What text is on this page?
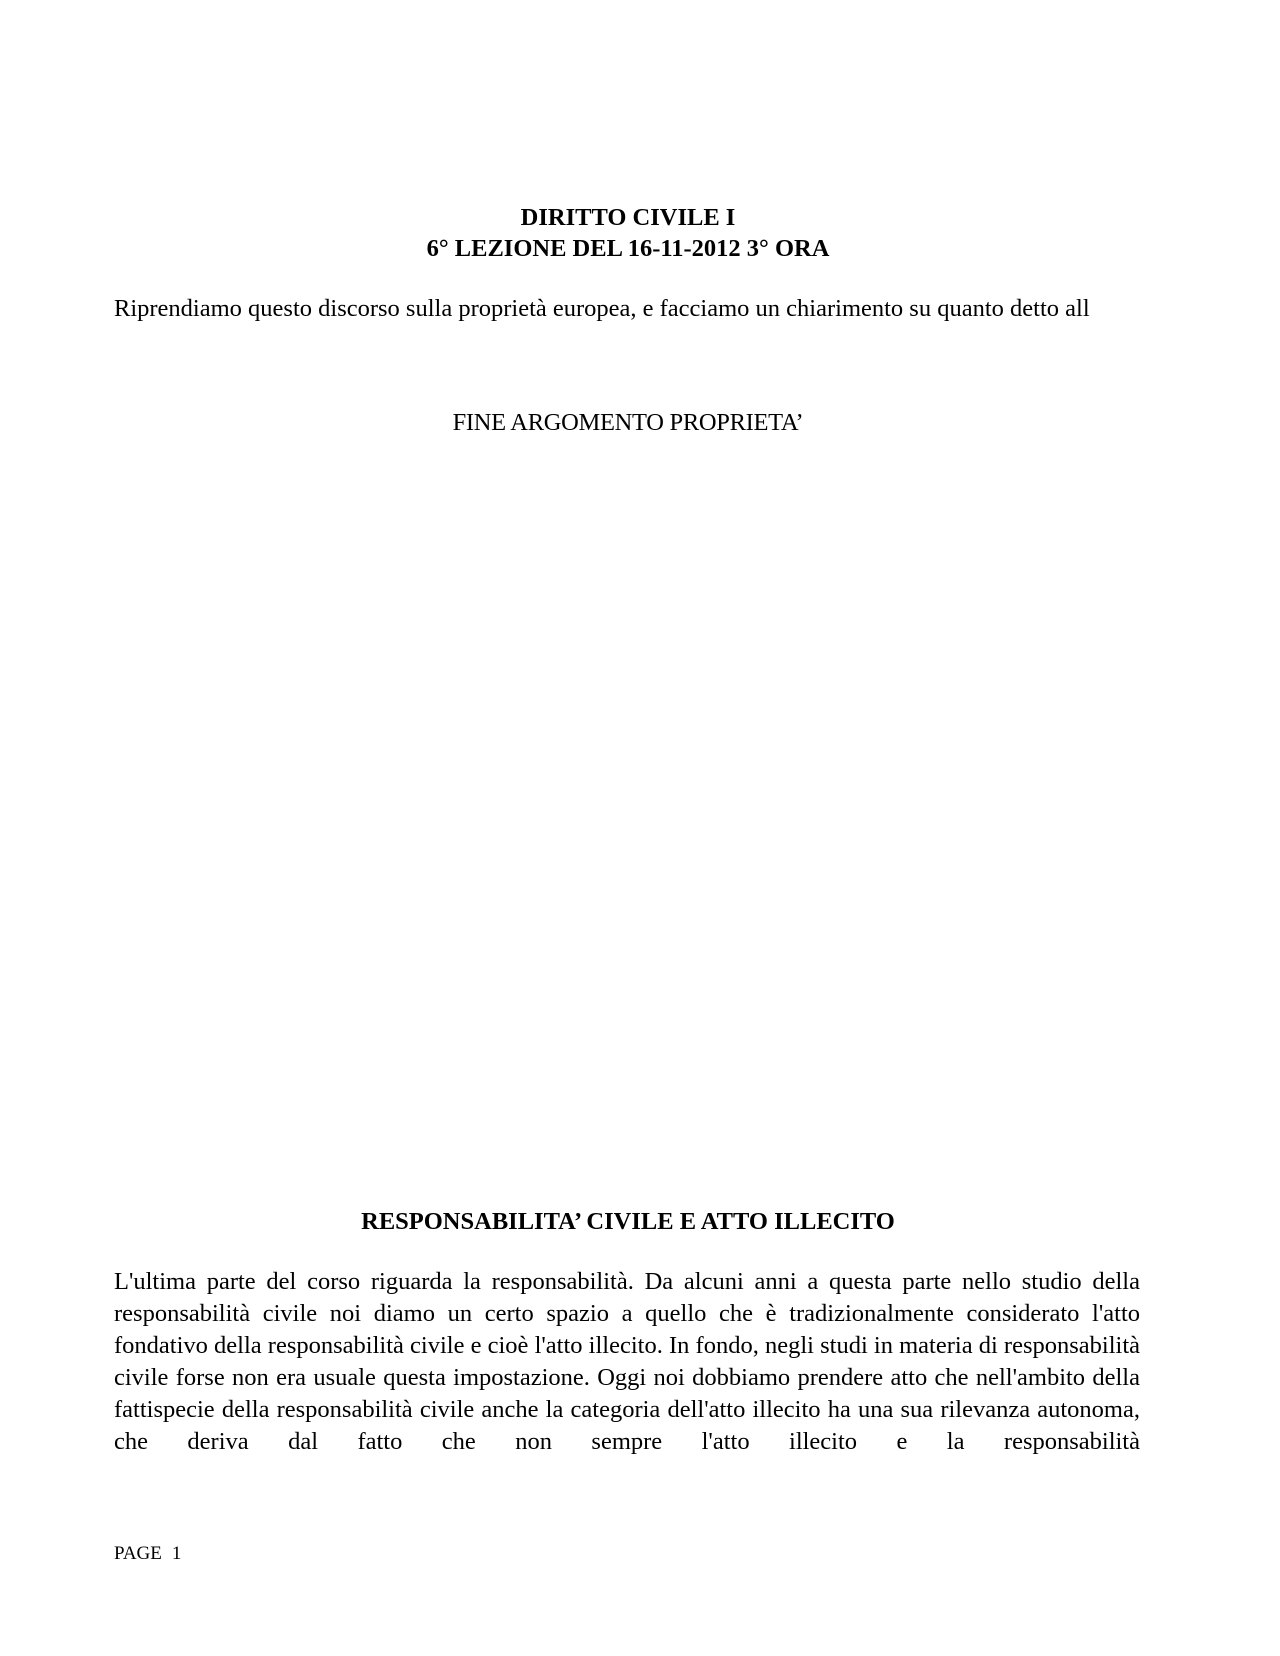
DIRITTO CIVILE I
6° LEZIONE DEL 16-11-2012 3° ORA
Riprendiamo questo discorso sulla proprietà europea, e facciamo un chiarimento su quanto detto all
FINE ARGOMENTO PROPRIETA’
RESPONSABILITA’ CIVILE E ATTO ILLECITO
L'ultima parte del corso riguarda la responsabilità. Da alcuni anni a questa parte nello studio della responsabilità civile noi diamo un certo spazio a quello che è tradizionalmente considerato l'atto fondativo della responsabilità civile e cioè l'atto illecito. In fondo, negli studi in materia di responsabilità civile forse non era usuale questa impostazione. Oggi noi dobbiamo prendere atto che nell'ambito della fattispecie della responsabilità civile anche la categoria dell'atto illecito ha una sua rilevanza autonoma, che deriva dal fatto che non sempre l'atto illecito e la responsabilità
PAGE 1
